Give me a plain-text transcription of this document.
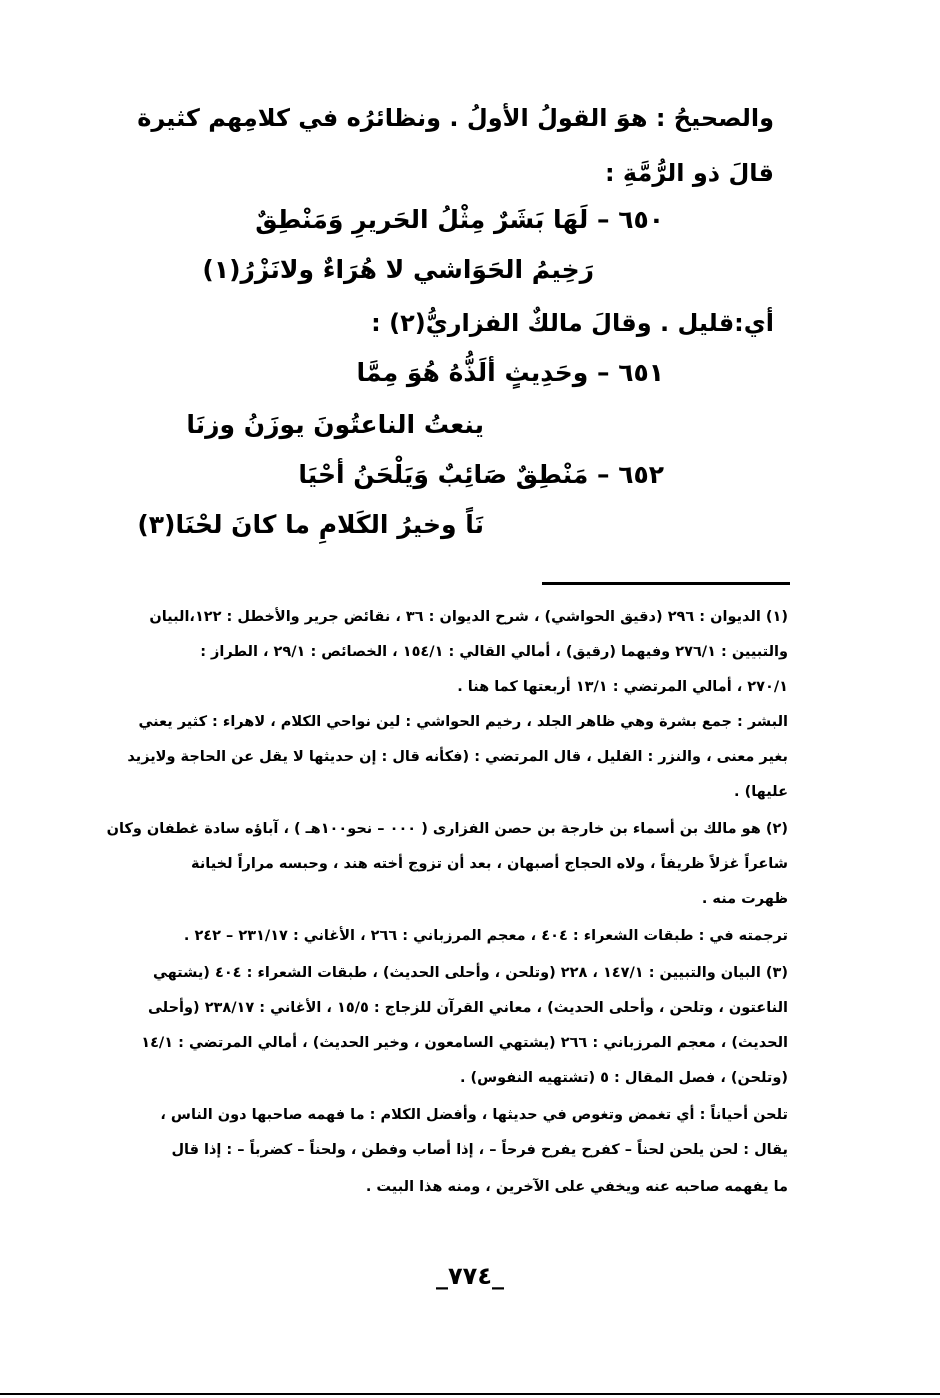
والصحيحُ : هوَ القولُ الأولُ . ونظائرُه في كلامِهم كثيرة
قالَ ذو الرُّمَّةِ :
٦٥٠ – لَهَا بَشَرٌ مِثْلُ الحَريرِ وَمَنْطِقٌ
رَخِيمُ الحَوَاشي لا هُرَاءٌ ولانَزْرُ(١)
أي:قليل . وقالَ مالكٌ الفزاريُّ(٢) :
٦٥١ – وحَدِيثٍ ألَذُّهُ هُوَ مِمَّا
ينعتُ الناعتُونَ يوزَنُ وزنَا
٦٥٢ – مَنْطِقٌ صَائِبٌ وَيَلْحَنُ أحْيَا
نَاً وخيرُ الكَلامِ ما كانَ لحْنَا(٣)
(١) الديوان : ٢٩٦ (دقيق الحواشي) ، شرح الديوان : ٣٦ ، نقائض جرير والأخطل : ١٢٢،البيان
والتبيين : ٢٧٦/١ وفيهما (رقيق) ، أمالي القالي : ١٥٤/١ ، الخصائص : ٢٩/١ ، الطراز :
٢٧٠/١ ، أمالي المرتضي : ١٣/١ أربعتها كما هنا .
البشر : جمع بشرة وهي ظاهر الجلد ، رخيم الحواشي : لين نواحي الكلام ، لاهراء : كثير يعني
بغير معنى ، والنزر : القليل ، قال المرتضي : (فكأنه قال : إن حديثها لا يقل عن الحاجة ولايزيد
عليها) .
(٢) هو مالك بن أسماء بن خارجة بن حصن الفزارى ( ٠٠٠ – نحو١٠٠هـ ) ، آباؤه سادة غطفان وكان
شاعراً غزلاً ظريفاً ، ولاه الحجاج أصبهان ، بعد أن تزوج أخته هند ، وحبسه مراراً لخيانة
ظهرت منه .
ترجمته في : طبقات الشعراء : ٤٠٤ ، معجم المرزباني : ٢٦٦ ، الأغاني : ٢٣١/١٧ – ٢٤٢ .
(٣) البيان والتبيين : ١٤٧/١ ، ٢٢٨ (وتلحن ، وأحلى الحديث) ، طبقات الشعراء : ٤٠٤ (يشتهي
الناعتون ، وتلحن ، وأحلى الحديث) ، معاني القرآن للزجاج : ١٥/٥ ، الأغاني : ٢٣٨/١٧ (وأحلى
الحديث) ، معجم المرزباني : ٢٦٦ (يشتهي السامعون ، وخير الحديث) ، أمالي المرتضي : ١٤/١
(وتلحن) ، فصل المقال : ٥ (تشتهيه النفوس) .
تلحن أحياناً : أي تغمض وتغوص في حديثها ، وأفضل الكلام : ما فهمه صاحبها دون الناس ،
يقال : لحن يلحن لحناً – كفرح يفرح فرحاً – ، إذا أصاب وفطن ، ولحناً – كضرباً – : إذا قال
ما يفهمه صاحبه عنه ويخفي على الآخرين ، ومنه هذا البيت .
_٧٧٤_
